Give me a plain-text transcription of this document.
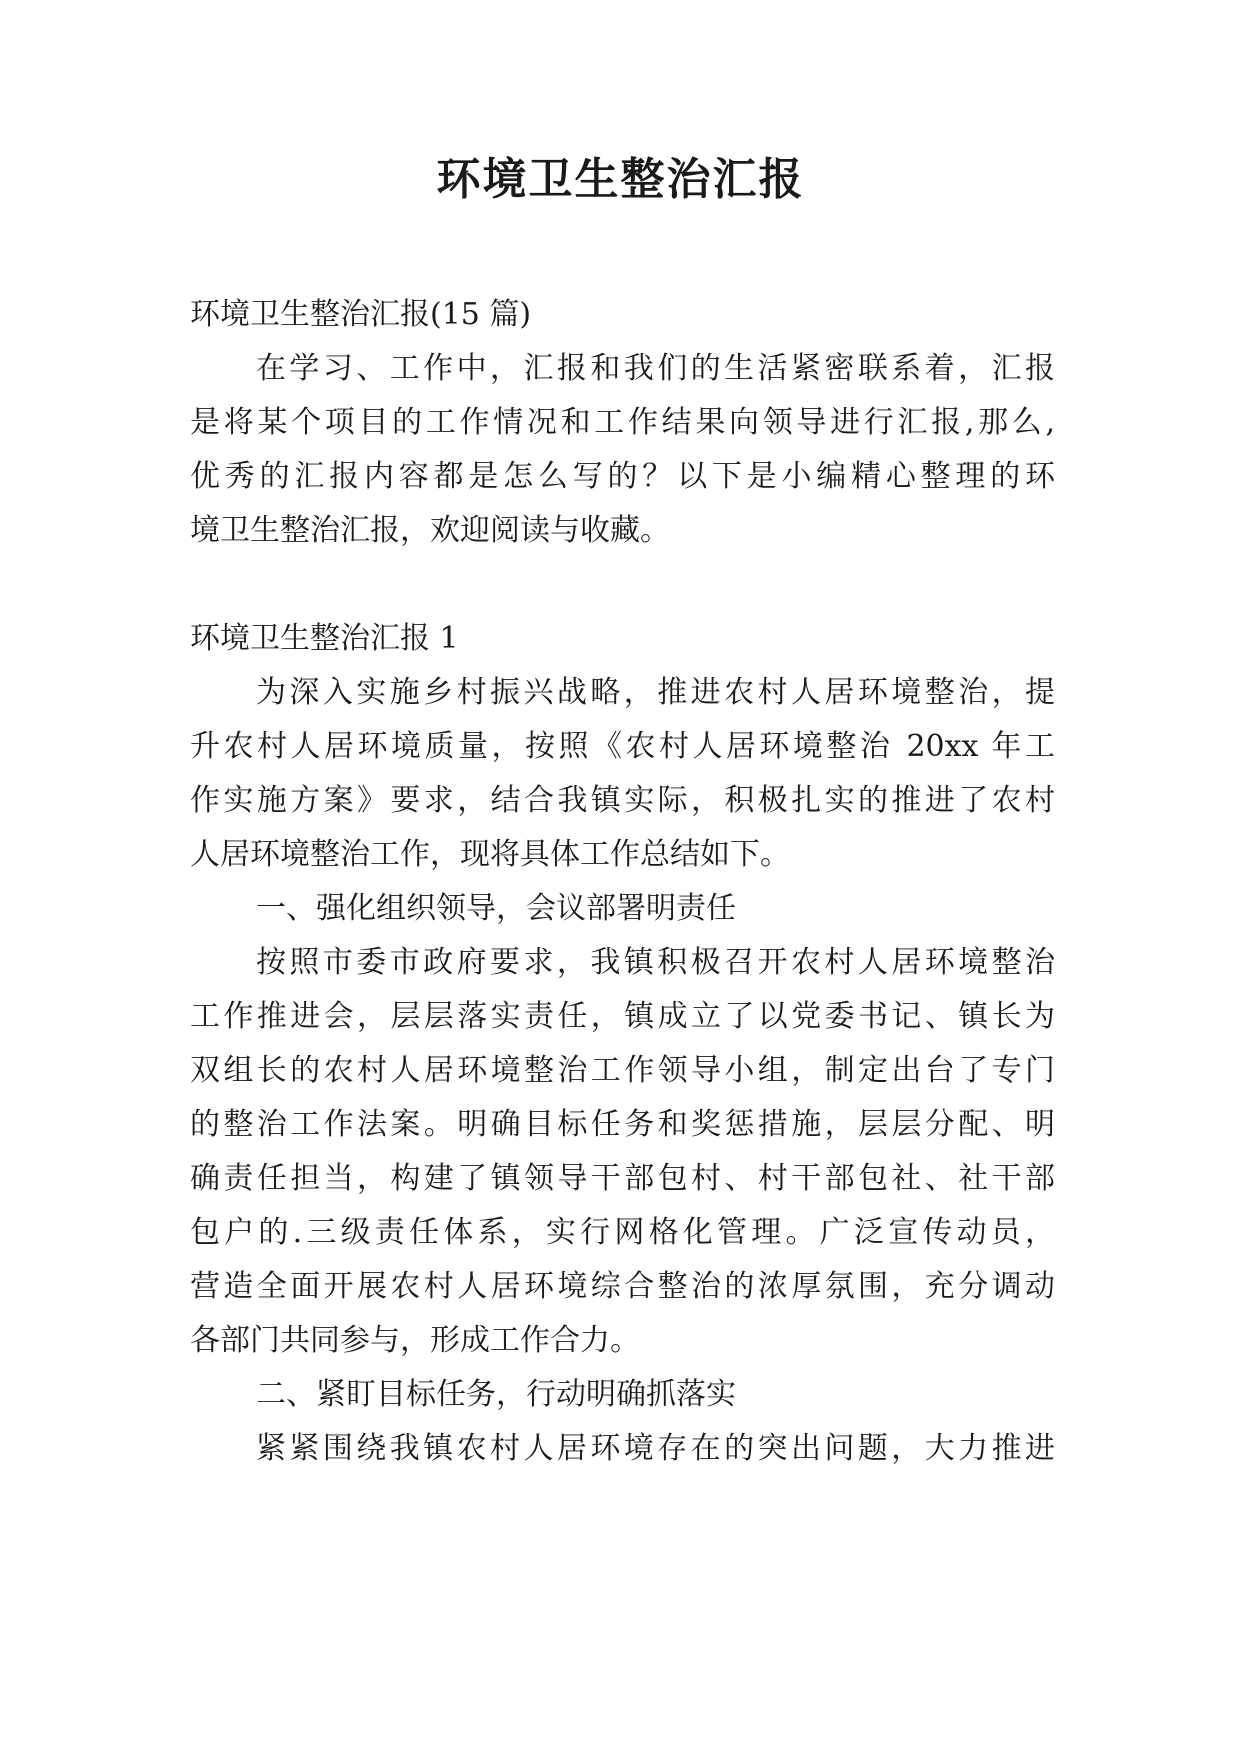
环境卫生整治汇报
环境卫生整治汇报(15 篇)
在学习、工作中，汇报和我们的生活紧密联系着，汇报
是将某个项目的工作情况和工作结果向领导进行汇报,那么,
优秀的汇报内容都是怎么写的？以下是小编精心整理的环
境卫生整治汇报，欢迎阅读与收藏。
环境卫生整治汇报 1
为深入实施乡村振兴战略，推进农村人居环境整治，提
升农村人居环境质量，按照《农村人居环境整治 20xx 年工
作实施方案》要求，结合我镇实际，积极扎实的推进了农村
人居环境整治工作，现将具体工作总结如下。
一、强化组织领导，会议部署明责任
按照市委市政府要求，我镇积极召开农村人居环境整治
工作推进会，层层落实责任，镇成立了以党委书记、镇长为
双组长的农村人居环境整治工作领导小组，制定出台了专门
的整治工作法案。明确目标任务和奖惩措施，层层分配、明
确责任担当，构建了镇领导干部包村、村干部包社、社干部
包户的.三级责任体系，实行网格化管理。广泛宣传动员，
营造全面开展农村人居环境综合整治的浓厚氛围，充分调动
各部门共同参与，形成工作合力。
二、紧盯目标任务，行动明确抓落实
紧紧围绕我镇农村人居环境存在的突出问题，大力推进
